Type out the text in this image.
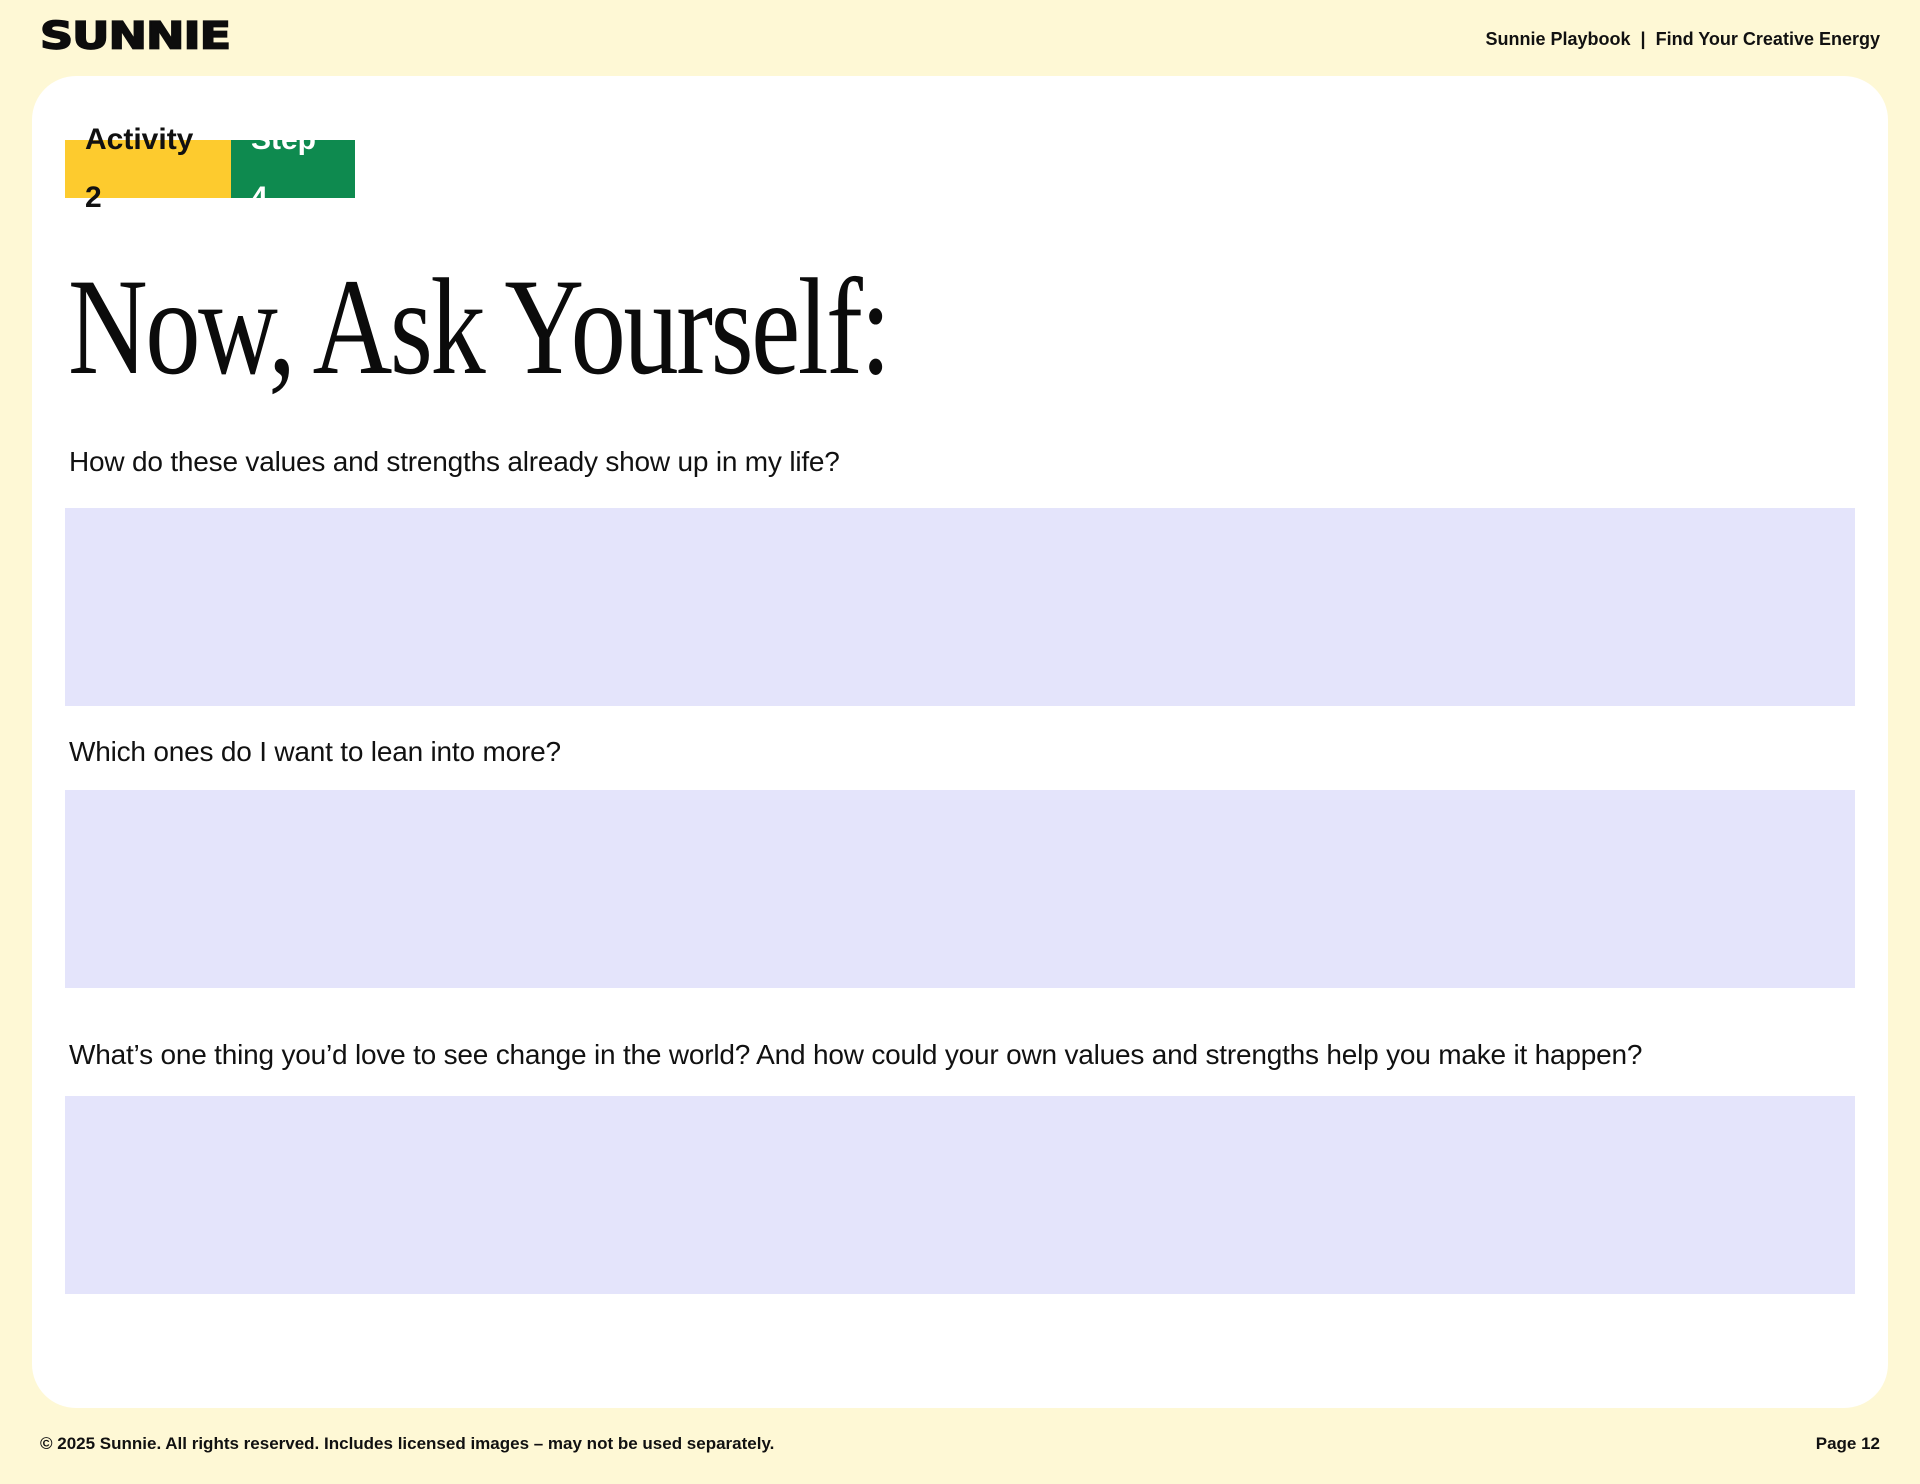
SUNNIE	Sunnie Playbook | Find Your Creative Energy
Activity 2
Step 4
Now, Ask Yourself:
How do these values and strengths already show up in my life?
Which ones do I want to lean into more?
What’s one thing you’d love to see change in the world? And how could your own values and strengths help you make it happen?
© 2025 Sunnie. All rights reserved. Includes licensed images – may not be used separately.	Page 12
